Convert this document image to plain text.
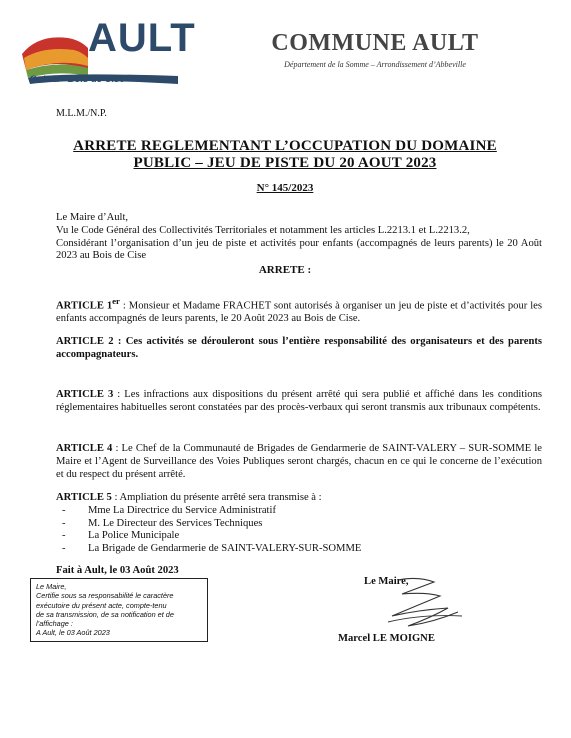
AULT
Onival - Bois de Cise
COMMUNE AULT
Département de la Somme – Arrondissement d’Abbeville
M.L.M./N.P.
ARRETE REGLEMENTANT L’OCCUPATION DU DOMAINE
PUBLIC – JEU DE PISTE DU 20 AOUT 2023
N° 145/2023
Le Maire d’Ault,
Vu le Code Général des Collectivités Territoriales et notamment les articles L.2213.1 et L.2213.2,
Considérant l’organisation d’un jeu de piste et activités pour enfants (accompagnés de leurs parents) le 20 Août 2023 au Bois de Cise
ARRETE :
ARTICLE 1er : Monsieur et Madame FRACHET sont autorisés à organiser un jeu de piste et d’activités pour les enfants accompagnés de leurs parents, le 20 Août 2023 au Bois de Cise.
ARTICLE 2 : Ces activités se dérouleront sous l’entière responsabilité des organisateurs et des parents accompagnateurs.
ARTICLE 3 : Les infractions aux dispositions du présent arrêté qui sera publié et affiché dans les conditions réglementaires habituelles seront constatées par des procès-verbaux qui seront transmis aux tribunaux compétents.
ARTICLE 4 : Le Chef de la Communauté de Brigades de Gendarmerie de SAINT-VALERY – SUR-SOMME le Maire et l’Agent de Surveillance des Voies Publiques seront chargés, chacun en ce qui le concerne de l’exécution et du respect du présent arrêté.
ARTICLE 5 : Ampliation du présente arrêté sera transmise à :
- Mme La Directrice du Service Administratif
- M. Le Directeur des Services Techniques
- La Police Municipale
- La Brigade de Gendarmerie de SAINT-VALERY-SUR-SOMME
Fait à Ault, le 03 Août 2023
Le Maire,
Certifie sous sa responsabilité le caractère
exécutoire du présent acte, compte-tenu
de sa transmission, de sa notification et de
l’affichage :
A Ault, le 03 Août 2023
Le Maire,
Marcel LE MOIGNE
